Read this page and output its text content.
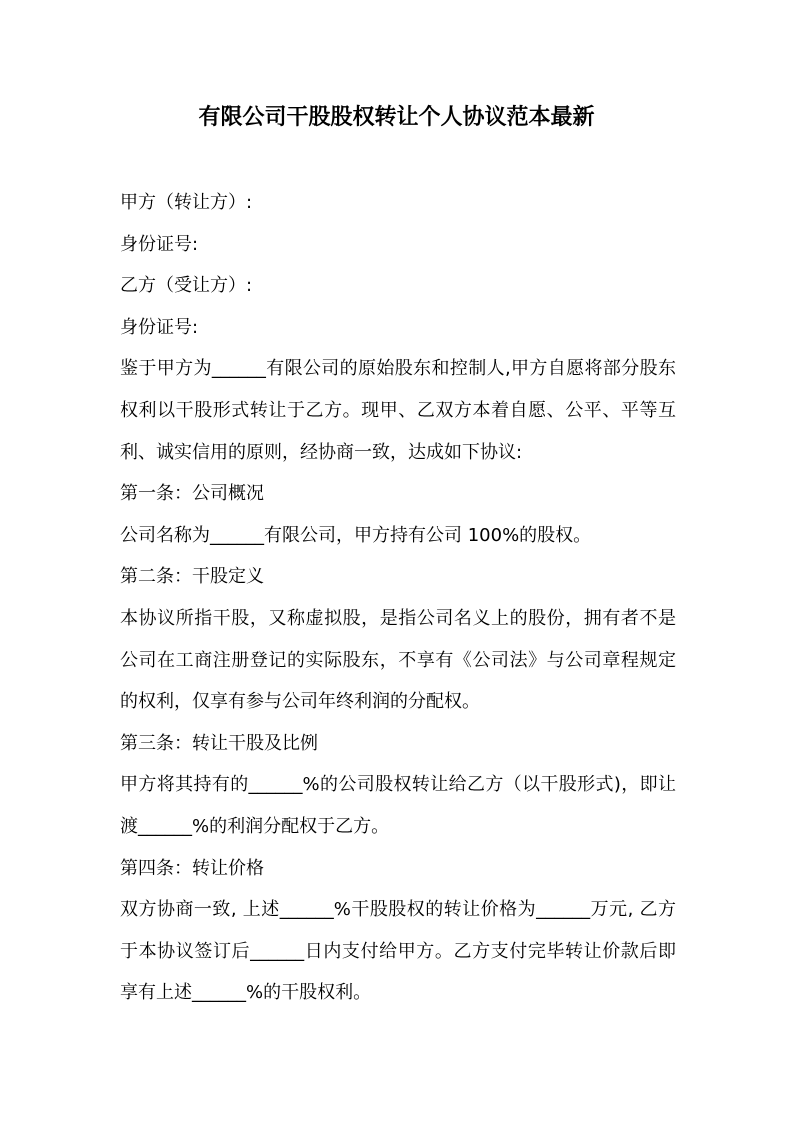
有限公司干股股权转让个人协议范本最新

甲方（转让方）:

身份证号:

乙方（受让方）:

身份证号:

鉴于甲方为______有限公司的原始股东和控制人,甲方自愿将部分股东权利以干股形式转让于乙方。现甲、乙双方本着自愿、公平、平等互利、诚实信用的原则，经协商一致，达成如下协议:

第一条：公司概况

公司名称为______有限公司，甲方持有公司 100%的股权。

第二条：干股定义

本协议所指干股，又称虚拟股，是指公司名义上的股份，拥有者不是公司在工商注册登记的实际股东，不享有《公司法》与公司章程规定的权利，仅享有参与公司年终利润的分配权。

第三条：转让干股及比例

甲方将其持有的______%的公司股权转让给乙方（以干股形式)，即让渡______%的利润分配权于乙方。

第四条：转让价格

双方协商一致, 上述______%干股股权的转让价格为______万元, 乙方于本协议签订后______日内支付给甲方。乙方支付完毕转让价款后即享有上述______%的干股权利。
